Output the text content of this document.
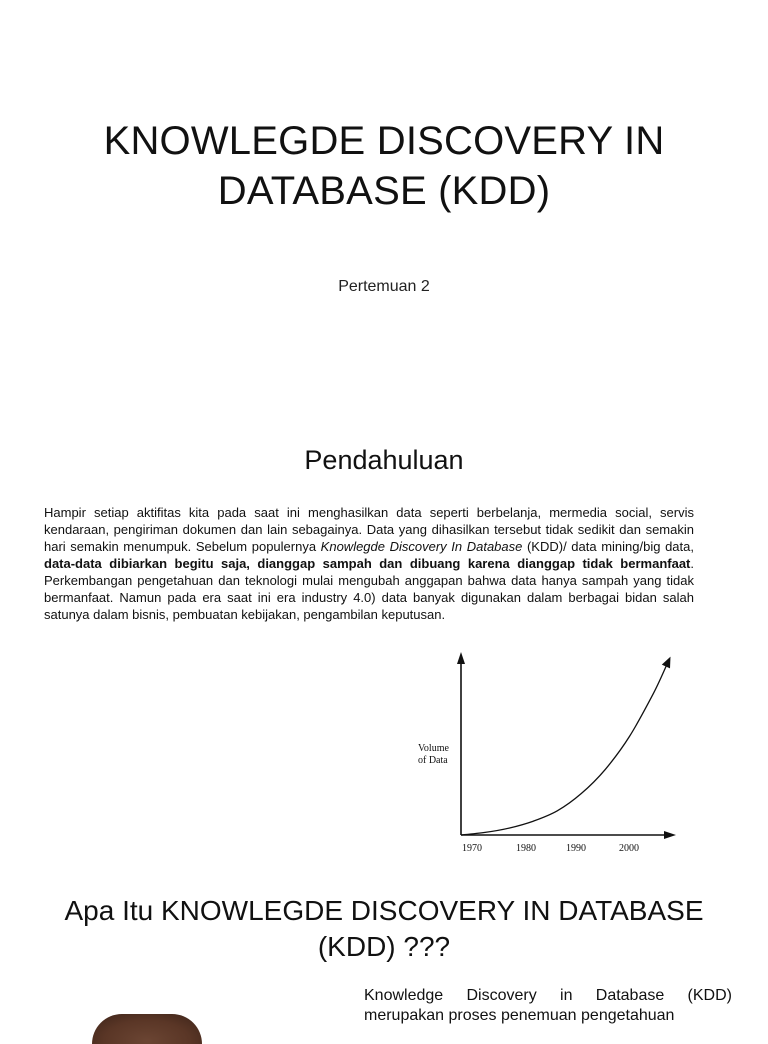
KNOWLEGDE DISCOVERY IN DATABASE (KDD)
Pertemuan 2
Pendahuluan

Hampir setiap aktifitas kita pada saat ini menghasilkan data seperti berbelanja, mermedia social, servis kendaraan, pengiriman dokumen dan lain sebagainya. Data yang dihasilkan tersebut tidak sedikit dan semakin hari semakin menumpuk. Sebelum populernya Knowlegde Discovery In Database (KDD)/ data mining/big data, data-data dibiarkan begitu saja, dianggap sampah dan dibuang karena dianggap tidak bermanfaat. Perkembangan pengetahuan dan teknologi mulai mengubah anggapan bahwa data hanya sampah yang tidak bermanfaat. Namun pada era saat ini era industry 4.0) data banyak digunakan dalam berbagai bidan salah satunya dalam bisnis, pembuatan kebijakan, pengambilan keputusan.

Volume
of Data
1970	1980	1990	2000
Apa Itu KNOWLEGDE DISCOVERY IN DATABASE (KDD) ???

Knowledge Discovery in Database (KDD) merupakan proses penemuan pengetahuan
